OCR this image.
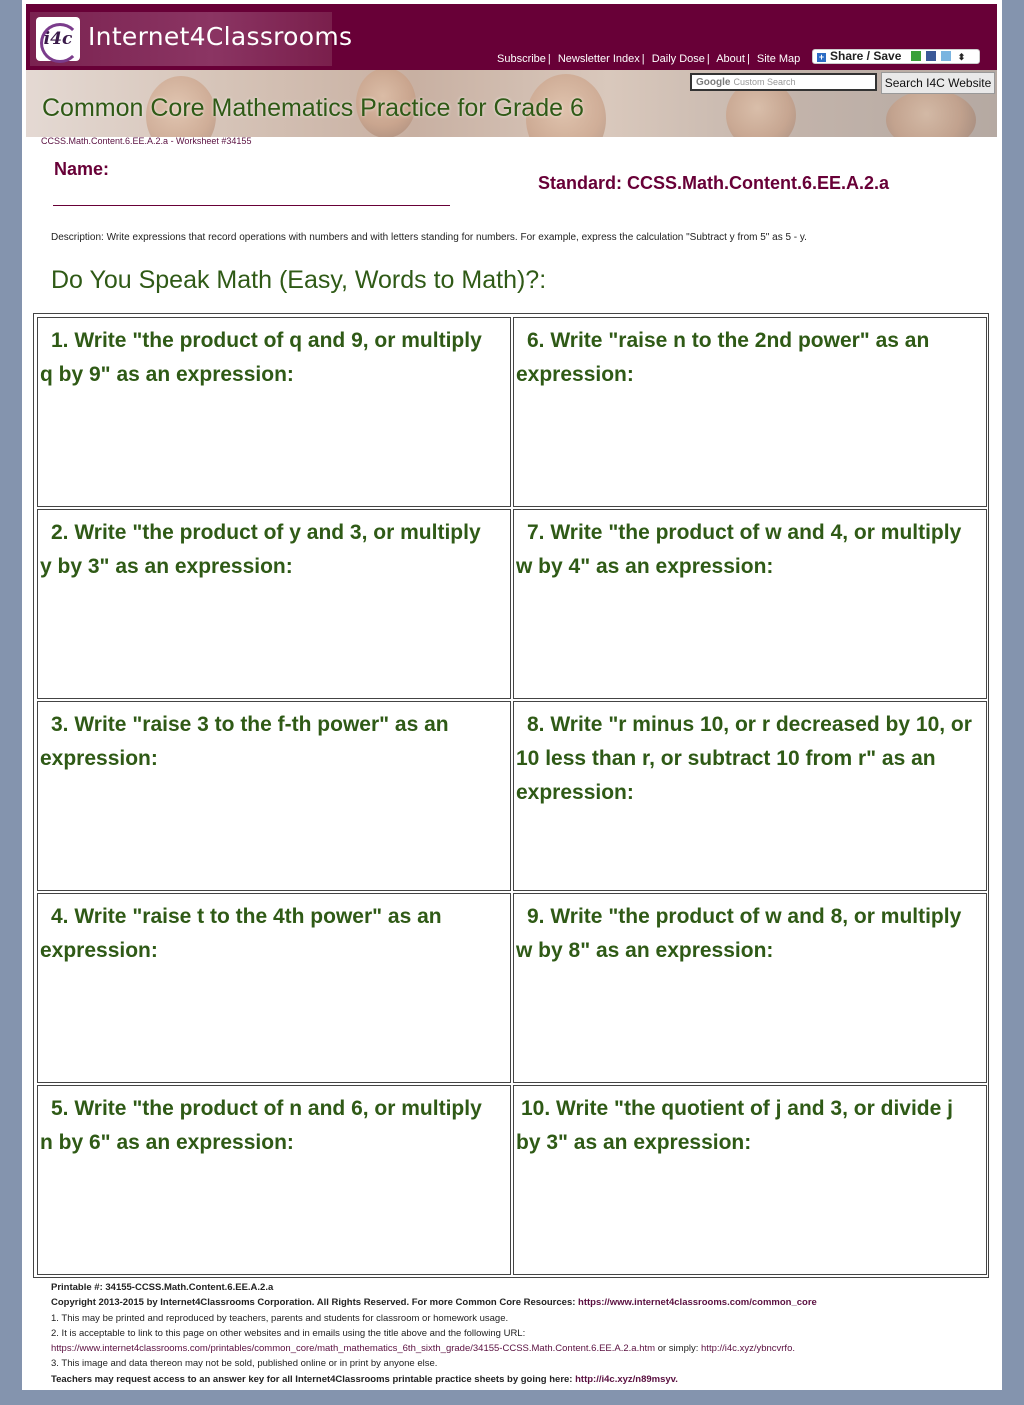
i4c Internet4Classrooms
Subscribe | Newsletter Index | Daily Dose | About | Site Map	+ Share / Save	⬍
Common Core Mathematics Practice for Grade 6
Google Custom Search	Search I4C Website
CCSS.Math.Content.6.EE.A.2.a - Worksheet #34155
Name:
Standard: CCSS.Math.Content.6.EE.A.2.a
Description: Write expressions that record operations with numbers and with letters standing for numbers. For example, express the calculation "Subtract y from 5" as 5 - y.
Do You Speak Math (Easy, Words to Math)?:
1. Write "the product of q and 9, or multiply q by 9" as an expression:
2. Write "the product of y and 3, or multiply y by 3" as an expression:
3. Write "raise 3 to the f-th power" as an expression:
4. Write "raise t to the 4th power" as an expression:
5. Write "the product of n and 6, or multiply n by 6" as an expression:
6. Write "raise n to the 2nd power" as an expression:
7. Write "the product of w and 4, or multiply w by 4" as an expression:
8. Write "r minus 10, or r decreased by 10, or 10 less than r, or subtract 10 from r" as an expression:
9. Write "the product of w and 8, or multiply w by 8" as an expression:
10. Write "the quotient of j and 3, or divide j by 3" as an expression:
Printable #: 34155-CCSS.Math.Content.6.EE.A.2.a
Copyright 2013-2015 by Internet4Classrooms Corporation. All Rights Reserved. For more Common Core Resources: https://www.internet4classrooms.com/common_core
1. This may be printed and reproduced by teachers, parents and students for classroom or homework usage.
2. It is acceptable to link to this page on other websites and in emails using the title above and the following URL:
https://www.internet4classrooms.com/printables/common_core/math_mathematics_6th_sixth_grade/34155-CCSS.Math.Content.6.EE.A.2.a.htm or simply: http://i4c.xyz/ybncvrfo.
3. This image and data thereon may not be sold, published online or in print by anyone else.
Teachers may request access to an answer key for all Internet4Classrooms printable practice sheets by going here: http://i4c.xyz/n89msyv.
